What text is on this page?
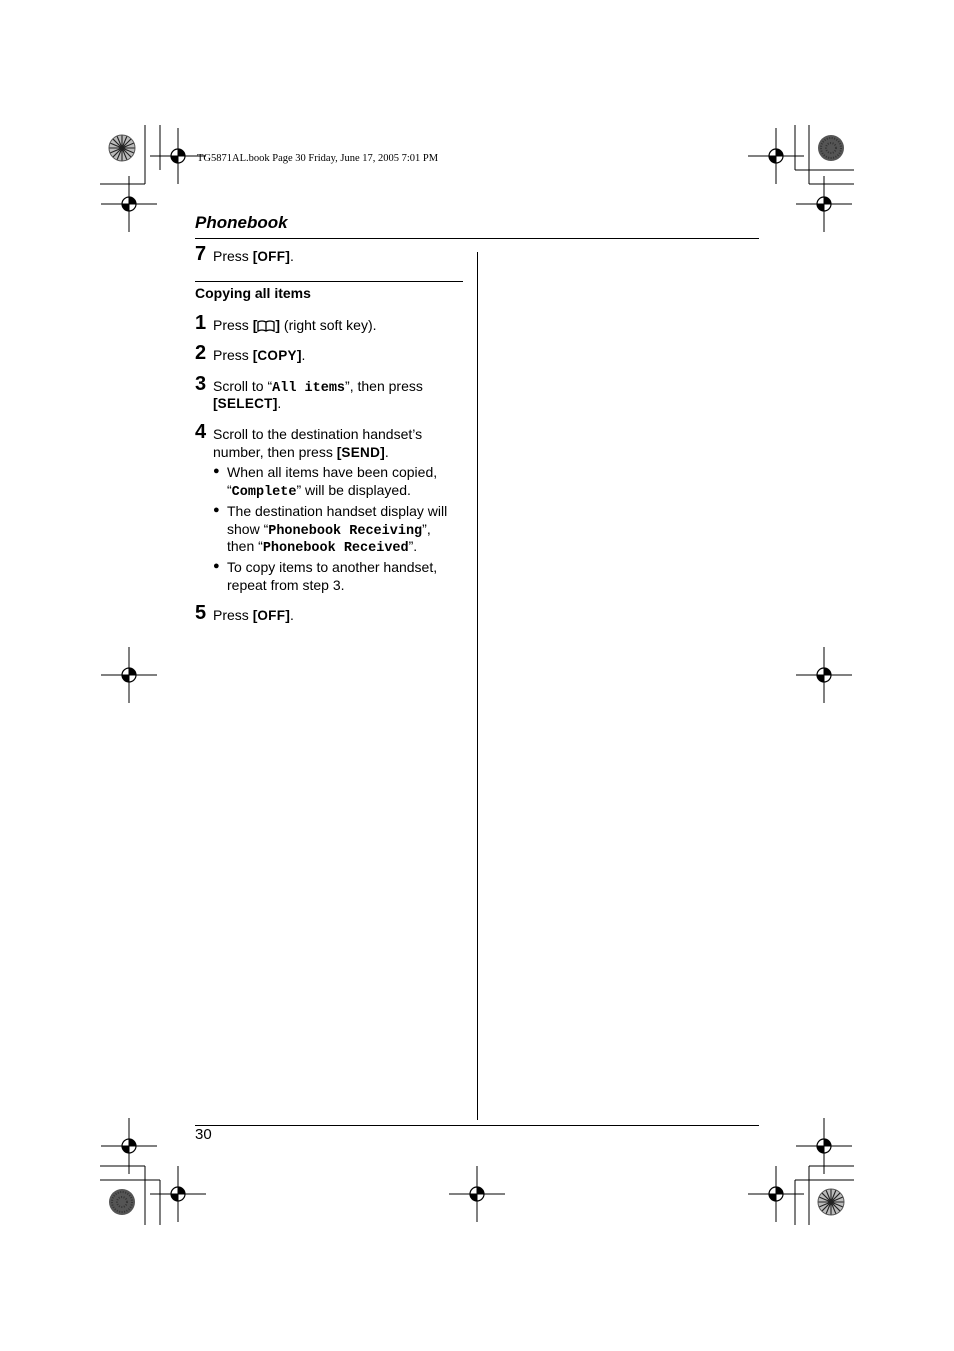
TG5871AL.book Page 30 Friday, June 17, 2005 7:01 PM
Phonebook
7 Press [OFF].
Copying all items
1 Press [ ] (right soft key).
2 Press [COPY].
3 Scroll to “All items”, then press
[SELECT].
4 Scroll to the destination handset’s
number, then press [SEND].
● When all items have been copied,
“Complete” will be displayed.
● The destination handset display will
show “Phonebook Receiving”,
then “Phonebook Received”.
● To copy items to another handset,
repeat from step 3.
5 Press [OFF].
30
